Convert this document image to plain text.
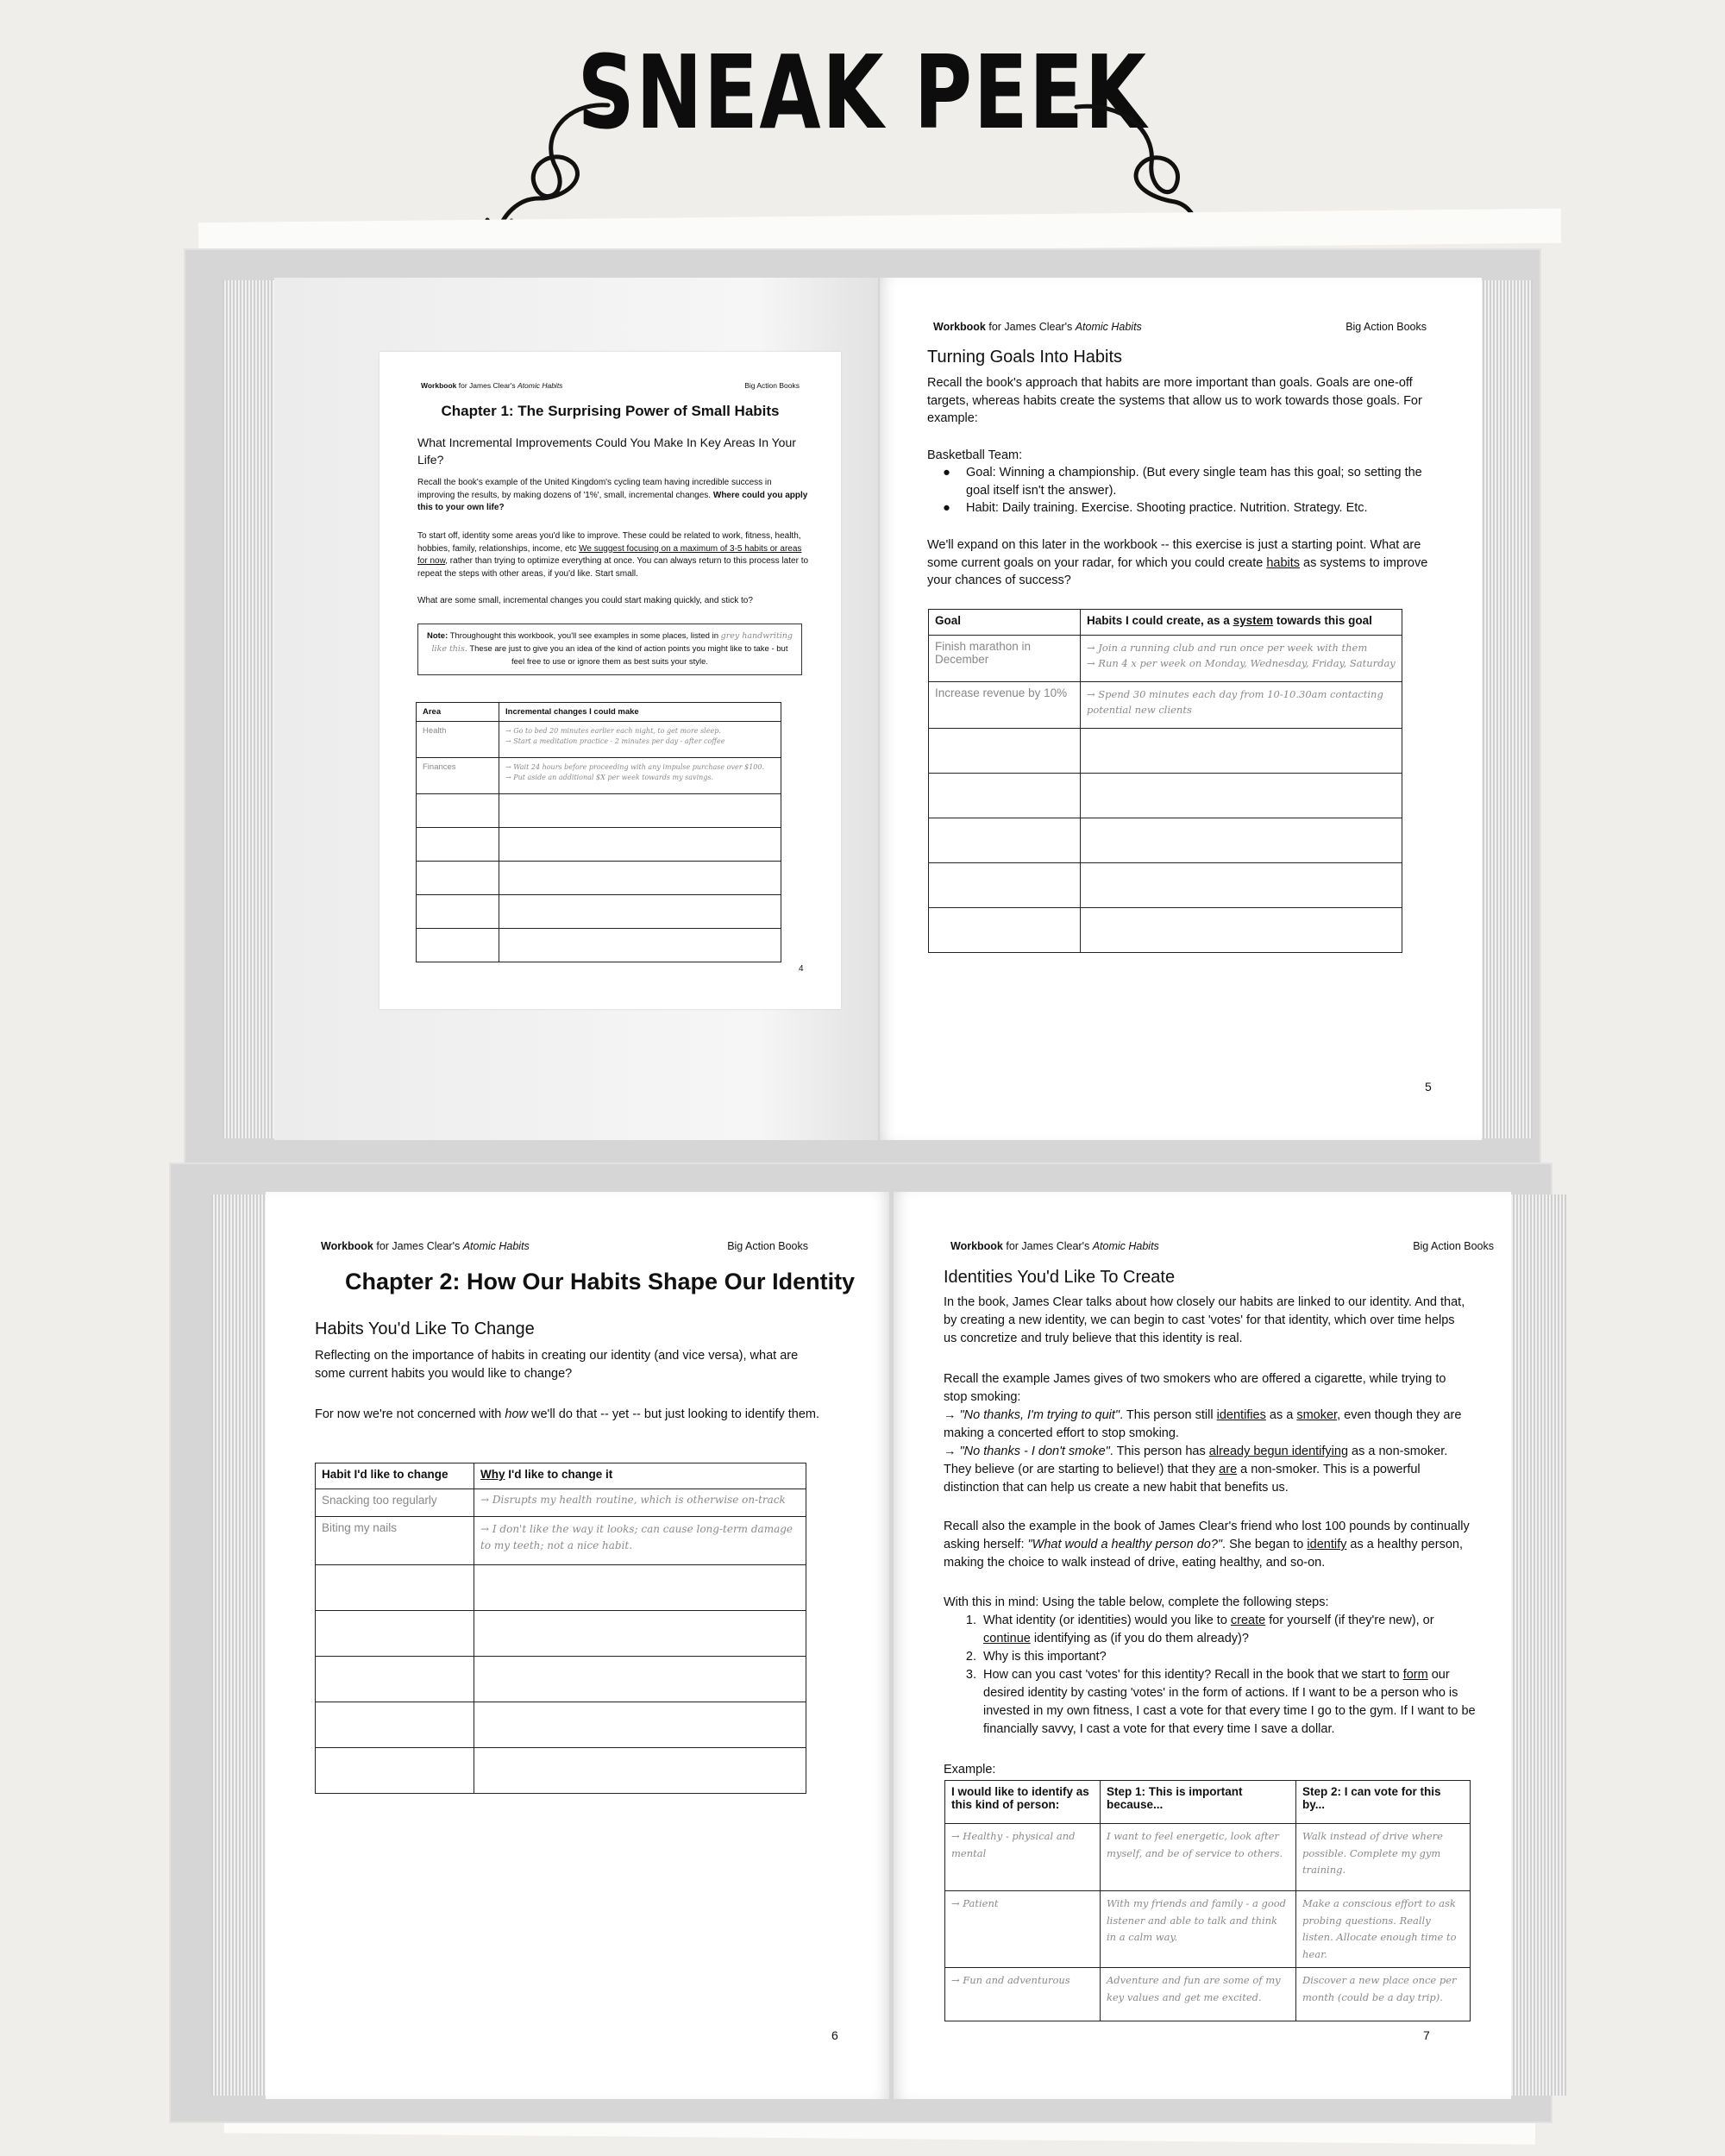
SNEAK PEEK
Workbook for James Clear's Atomic Habits	Big Action Books
Chapter 1: The Surprising Power of Small Habits
What Incremental Improvements Could You Make In Key Areas In Your Life?
Recall the book's example of the United Kingdom's cycling team having incredible success in improving the results, by making dozens of '1%', small, incremental changes. Where could you apply this to your own life?
To start off, identity some areas you'd like to improve. These could be related to work, fitness, health, hobbies, family, relationships, income, etc We suggest focusing on a maximum of 3-5 habits or areas for now, rather than trying to optimize everything at once. You can always return to this process later to repeat the steps with other areas, if you'd like. Start small.
What are some small, incremental changes you could start making quickly, and stick to?
Note: Throughought this workbook, you'll see examples in some places, listed in grey handwriting like this. These are just to give you an idea of the kind of action points you might like to take - but feel free to use or ignore them as best suits your style.
Area	Incremental changes I could make
Health	→ Go to bed 20 minutes earlier each night, to get more sleep.
→ Start a meditation practice - 2 minutes per day - after coffee

Finances	→ Wait 24 hours before proceeding with any impulse purchase over $100.
→ Put aside an additional $X per week towards my savings.

4
Workbook for James Clear's Atomic Habits	Big Action Books
Turning Goals Into Habits
Recall the book's approach that habits are more important than goals. Goals are one-off targets, whereas habits create the systems that allow us to work towards those goals. For example:
Basketball Team:
●	Goal: Winning a championship. (But every single team has this goal; so setting the goal itself isn't the answer).
●	Habit: Daily training. Exercise. Shooting practice. Nutrition. Strategy. Etc.
We'll expand on this later in the workbook -- this exercise is just a starting point. What are some current goals on your radar, for which you could create habits as systems to improve your chances of success?
Goal	Habits I could create, as a system towards this goal
Finish marathon in December	→ Join a running club and run once per week with them
→ Run 4 x per week on Monday, Wednesday, Friday, Saturday

Increase revenue by 10%	→ Spend 30 minutes each day from 10-10.30am contacting potential new clients

5
Workbook for James Clear's Atomic Habits	Big Action Books
Chapter 2: How Our Habits Shape Our Identity
Habits You'd Like To Change
Reflecting on the importance of habits in creating our identity (and vice versa), what are some current habits you would like to change?
For now we're not concerned with how we'll do that -- yet -- but just looking to identify them.
Habit I'd like to change	Why I'd like to change it
Snacking too regularly	→ Disrupts my health routine, which is otherwise on-track
Biting my nails	→ I don't like the way it looks; can cause long-term damage to my teeth; not a nice habit.

6
Workbook for James Clear's Atomic Habits	Big Action Books
Identities You'd Like To Create
In the book, James Clear talks about how closely our habits are linked to our identity. And that, by creating a new identity, we can begin to cast 'votes' for that identity, which over time helps us concretize and truly believe that this identity is real.
Recall the example James gives of two smokers who are offered a cigarette, while trying to stop smoking:
→ "No thanks, I'm trying to quit". This person still identifies as a smoker, even though they are making a concerted effort to stop smoking.
→ "No thanks - I don't smoke". This person has already begun identifying as a non-smoker. They believe (or are starting to believe!) that they are a non-smoker. This is a powerful distinction that can help us create a new habit that benefits us.
Recall also the example in the book of James Clear's friend who lost 100 pounds by continually asking herself: "What would a healthy person do?". She began to identify as a healthy person, making the choice to walk instead of drive, eating healthy, and so-on.
With this in mind: Using the table below, complete the following steps:
1. What identity (or identities) would you like to create for yourself (if they're new), or continue identifying as (if you do them already)?
2. Why is this important?
3. How can you cast 'votes' for this identity? Recall in the book that we start to form our desired identity by casting 'votes' in the form of actions. If I want to be a person who is invested in my own fitness, I cast a vote for that every time I go to the gym. If I want to be financially savvy, I cast a vote for that every time I save a dollar.
Example:
I would like to identify as this kind of person:	Step 1: This is important because...	Step 2: I can vote for this by...
→ Healthy - physical and mental	I want to feel energetic, look after myself, and be of service to others.	Walk instead of drive where possible. Complete my gym training.
→ Patient	With my friends and family - a good listener and able to talk and think in a calm way.	Make a conscious effort to ask probing questions. Really listen. Allocate enough time to hear.
→ Fun and adventurous	Adventure and fun are some of my key values and get me excited.	Discover a new place once per month (could be a day trip).
7
